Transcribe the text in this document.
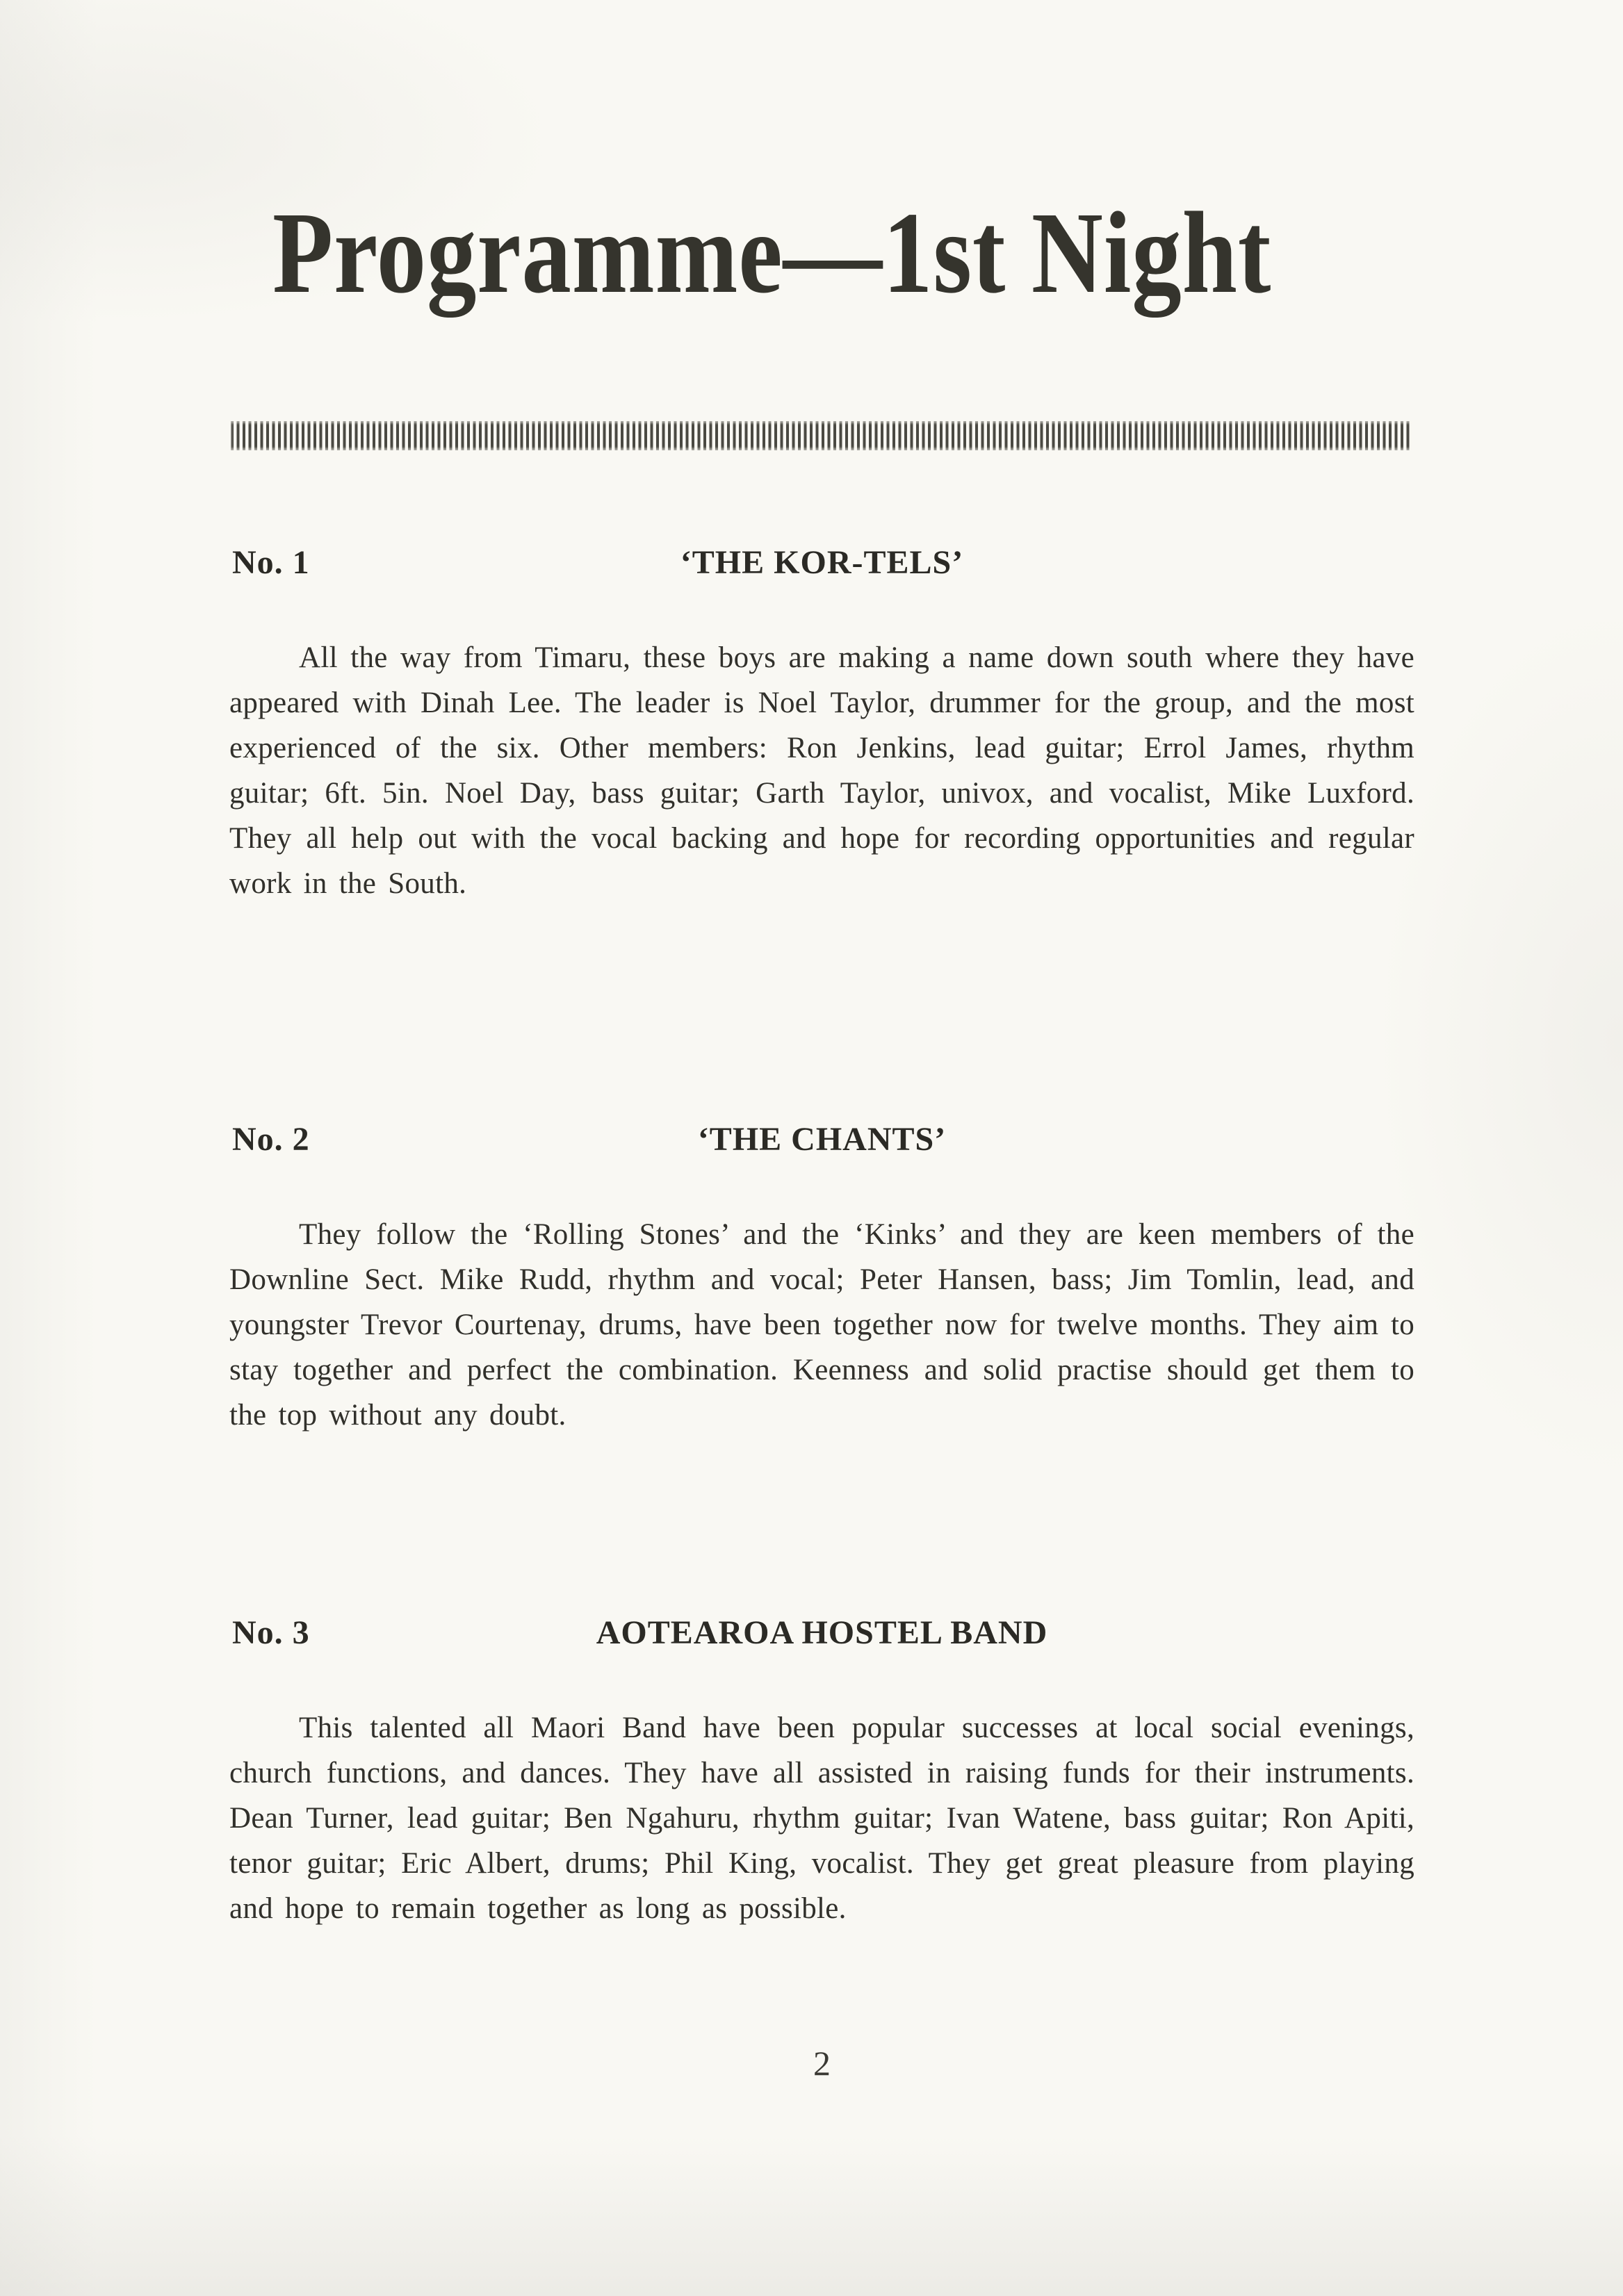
Programme—1st Night
No. 1	‘THE KOR-TELS’

All the way from Timaru, these boys are making a name down south where they have appeared with Dinah Lee. The leader is Noel Taylor, drummer for the group, and the most experienced of the six. Other members: Ron Jenkins, lead guitar; Errol James, rhythm guitar; 6ft. 5in. Noel Day, bass guitar; Garth Taylor, univox, and vocalist, Mike Luxford. They all help out with the vocal backing and hope for recording opportunities and regular work in the South.

No. 2	‘THE CHANTS’

They follow the ‘Rolling Stones’ and the ‘Kinks’ and they are keen members of the Downline Sect. Mike Rudd, rhythm and vocal; Peter Hansen, bass; Jim Tomlin, lead, and youngster Trevor Courtenay, drums, have been together now for twelve months. They aim to stay together and perfect the combination. Keenness and solid practise should get them to the top without any doubt.

No. 3	AOTEAROA HOSTEL BAND

This talented all Maori Band have been popular successes at local social evenings, church functions, and dances. They have all assisted in raising funds for their instruments. Dean Turner, lead guitar; Ben Ngahuru, rhythm guitar; Ivan Watene, bass guitar; Ron Apiti, tenor guitar; Eric Albert, drums; Phil King, vocalist. They get great pleasure from playing and hope to remain together as long as possible.

2
